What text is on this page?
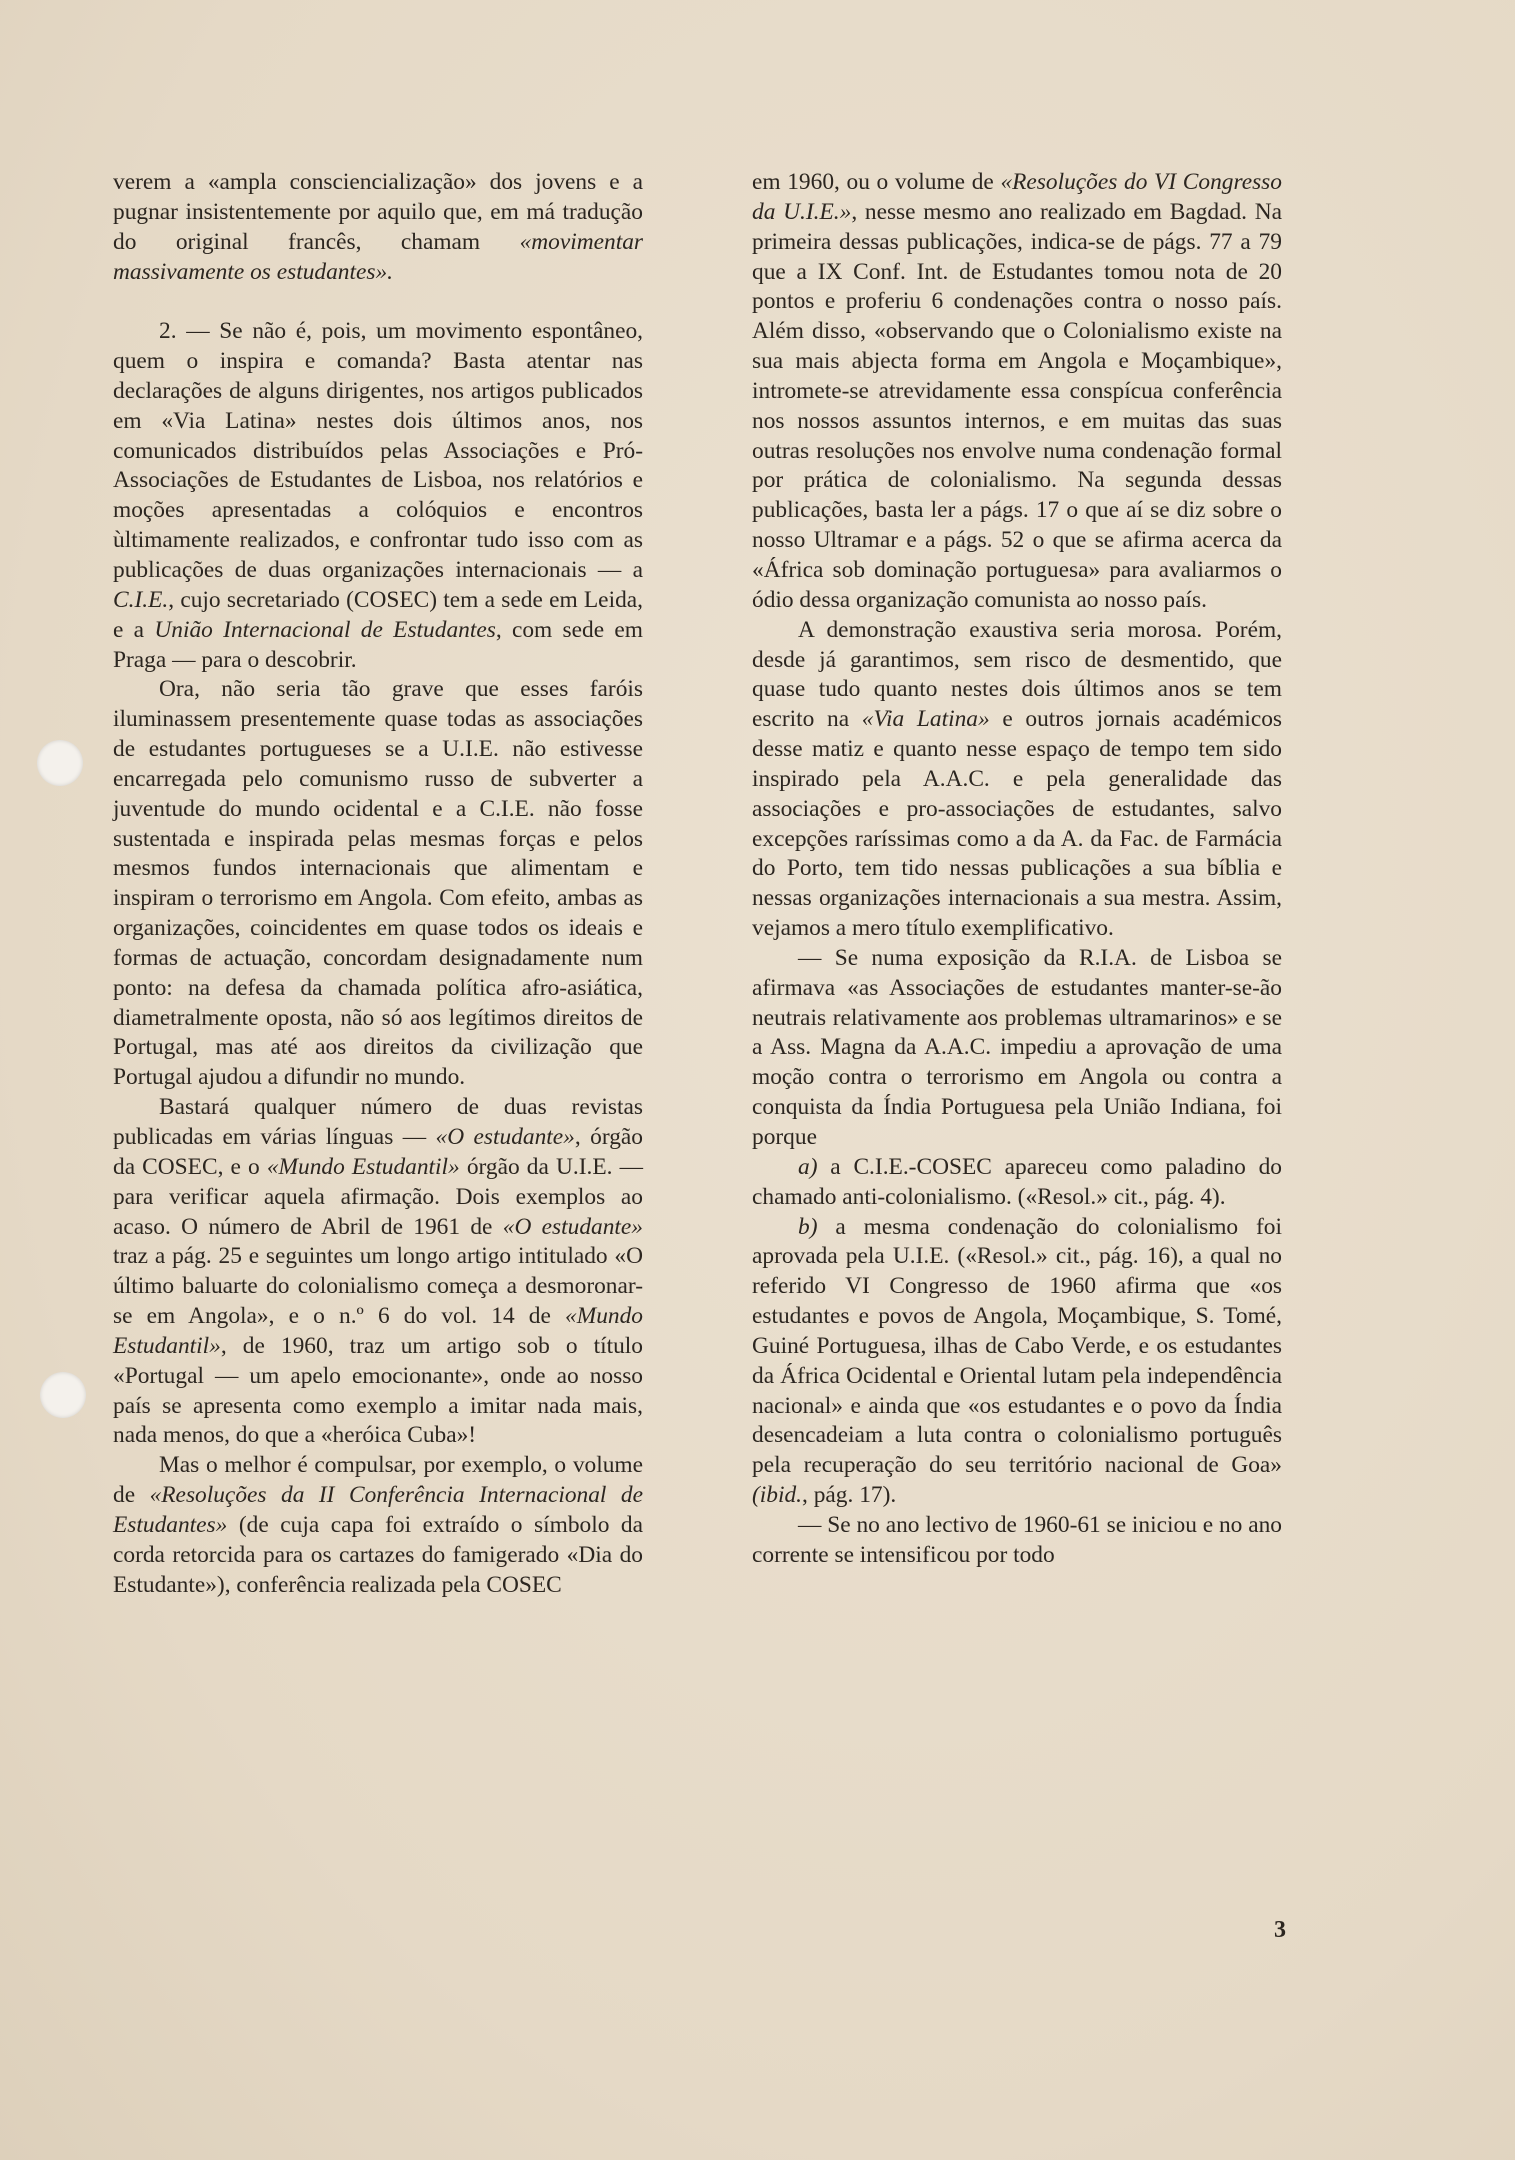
verem a «ampla consciencialização» dos jovens e a pugnar insistentemente por aquilo que, em má tradução do original francês, chamam «movimentar massivamente os estudantes».

2. — Se não é, pois, um movimento espontâneo, quem o inspira e comanda? Basta atentar nas declarações de alguns dirigentes, nos artigos publicados em «Via Latina» nestes dois últimos anos, nos comunicados distribuídos pelas Associações e Pró-Associações de Estudantes de Lisboa, nos relatórios e moções apresentadas a colóquios e encontros ùltimamente realizados, e confrontar tudo isso com as publicações de duas organizações internacionais — a C.I.E., cujo secretariado (COSEC) tem a sede em Leida, e a União Internacional de Estudantes, com sede em Praga — para o descobrir.

Ora, não seria tão grave que esses faróis iluminassem presentemente quase todas as associações de estudantes portugueses se a U.I.E. não estivesse encarregada pelo comunismo russo de subverter a juventude do mundo ocidental e a C.I.E. não fosse sustentada e inspirada pelas mesmas forças e pelos mesmos fundos internacionais que alimentam e inspiram o terrorismo em Angola. Com efeito, ambas as organizações, coincidentes em quase todos os ideais e formas de actuação, concordam designadamente num ponto: na defesa da chamada política afro-asiática, diametralmente oposta, não só aos legítimos direitos de Portugal, mas até aos direitos da civilização que Portugal ajudou a difundir no mundo.

Bastará qualquer número de duas revistas publicadas em várias línguas — «O estudante», órgão da COSEC, e o «Mundo Estudantil» órgão da U.I.E. — para verificar aquela afirmação. Dois exemplos ao acaso. O número de Abril de 1961 de «O estudante» traz a pág. 25 e seguintes um longo artigo intitulado «O último baluarte do colonialismo começa a desmoronar-se em Angola», e o n.º 6 do vol. 14 de «Mundo Estudantil», de 1960, traz um artigo sob o título «Portugal — um apelo emocionante», onde ao nosso país se apresenta como exemplo a imitar nada mais, nada menos, do que a «heróica Cuba»!

Mas o melhor é compulsar, por exemplo, o volume de «Resoluções da II Conferência Internacional de Estudantes» (de cuja capa foi extraído o símbolo da corda retorcida para os cartazes do famigerado «Dia do Estudante»), conferência realizada pela COSEC

em 1960, ou o volume de «Resoluções do VI Congresso da U.I.E.», nesse mesmo ano realizado em Bagdad. Na primeira dessas publicações, indica-se de págs. 77 a 79 que a IX Conf. Int. de Estudantes tomou nota de 20 pontos e proferiu 6 condenações contra o nosso país. Além disso, «observando que o Colonialismo existe na sua mais abjecta forma em Angola e Moçambique», intromete-se atrevidamente essa conspícua conferência nos nossos assuntos internos, e em muitas das suas outras resoluções nos envolve numa condenação formal por prática de colonialismo. Na segunda dessas publicações, basta ler a págs. 17 o que aí se diz sobre o nosso Ultramar e a págs. 52 o que se afirma acerca da «África sob dominação portuguesa» para avaliarmos o ódio dessa organização comunista ao nosso país.

A demonstração exaustiva seria morosa. Porém, desde já garantimos, sem risco de desmentido, que quase tudo quanto nestes dois últimos anos se tem escrito na «Via Latina» e outros jornais académicos desse matiz e quanto nesse espaço de tempo tem sido inspirado pela A.A.C. e pela generalidade das associações e pro-associações de estudantes, salvo excepções raríssimas como a da A. da Fac. de Farmácia do Porto, tem tido nessas publicações a sua bíblia e nessas organizações internacionais a sua mestra. Assim, vejamos a mero título exemplificativo.

— Se numa exposição da R.I.A. de Lisboa se afirmava «as Associações de estudantes manter-se-ão neutrais relativamente aos problemas ultramarinos» e se a Ass. Magna da A.A.C. impediu a aprovação de uma moção contra o terrorismo em Angola ou contra a conquista da Índia Portuguesa pela União Indiana, foi porque

a) a C.I.E.-COSEC apareceu como paladino do chamado anti-colonialismo. («Resol.» cit., pág. 4).

b) a mesma condenação do colonialismo foi aprovada pela U.I.E. («Resol.» cit., pág. 16), a qual no referido VI Congresso de 1960 afirma que «os estudantes e povos de Angola, Moçambique, S. Tomé, Guiné Portuguesa, ilhas de Cabo Verde, e os estudantes da África Ocidental e Oriental lutam pela independência nacional» e ainda que «os estudantes e o povo da Índia desencadeiam a luta contra o colonialismo português pela recuperação do seu território nacional de Goa» (ibid., pág. 17).

— Se no ano lectivo de 1960-61 se iniciou e no ano corrente se intensificou por todo

3
